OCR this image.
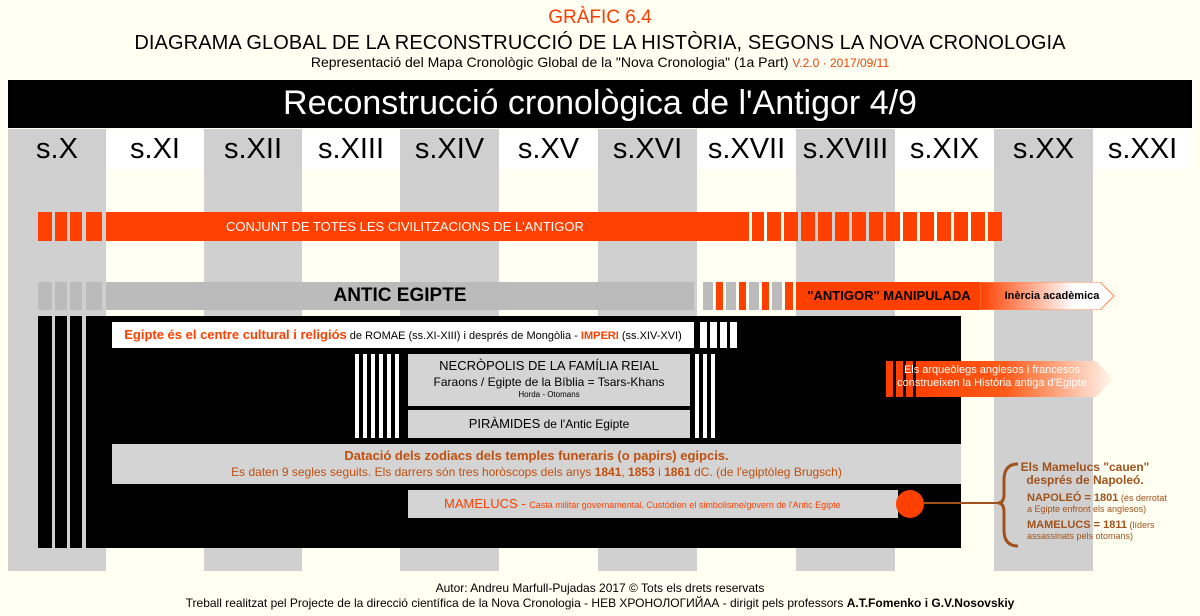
GRÀFIC 6.4
DIAGRAMA GLOBAL DE LA RECONSTRUCCIÓ DE LA HISTÒRIA, SEGONS LA NOVA CRONOLOGIA
Representació del Mapa Cronològic Global de la "Nova Cronologia" (1a Part) V.2.0 · 2017/09/11
Reconstrucció cronològica de l'Antigor 4/9
s.X	s.XI	s.XII	s.XIII	s.XIV	s.XV	s.XVI s.XVII s.XVIII s.XIX	s.XX	s.XXI
CONJUNT DE TOTES LES CIVILITZACIONS DE L'ANTIGOR
ANTIC EGIPTE	"ANTIGOR" MANIPULADA	Inèrcia acadèmica
Egipte és el centre cultural i religiós de ROMAE (ss.XI-XIII) i després de Mongòlia - IMPERI (ss.XIV-XVI)
NECRÒPOLIS DE LA FAMÍLIA REIAL
Faraons / Egipte de la Bíblia = Tsars-Khans
Horda - Otomans
PIRÀMIDES de l'Antic Egipte
Els arqueòlegs anglesos i francesos
construeixen la Història antiga d'Egipte
Datació dels zodiacs dels temples funeraris (o papirs) egipcis.
Es daten 9 segles seguits. Els darrers són tres horòscops dels anys 1841, 1853 i 1861 dC. (de l'egiptòleg Brugsch)
MAMELUCS - Casta militar governamental. Custòdien el simbolisme/govern de l'Antic Egipte
Els Mamelucs "cauen"
després de Napoleó.
NAPOLEÓ = 1801 (és derrotat
a Egipte enfront els anglesos)
MAMELUCS = 1811 (líders
assassinats pels otomans)
Autor: Andreu Marfull-Pujadas 2017 © Tots els drets reservats
Treball realitzat pel Projecte de la direcció científica de la Nova Cronologia - НЕВ ХРОНОЛОГИЙАА - dirigit pels professors A.T.Fomenko i G.V.Nosovskiy
